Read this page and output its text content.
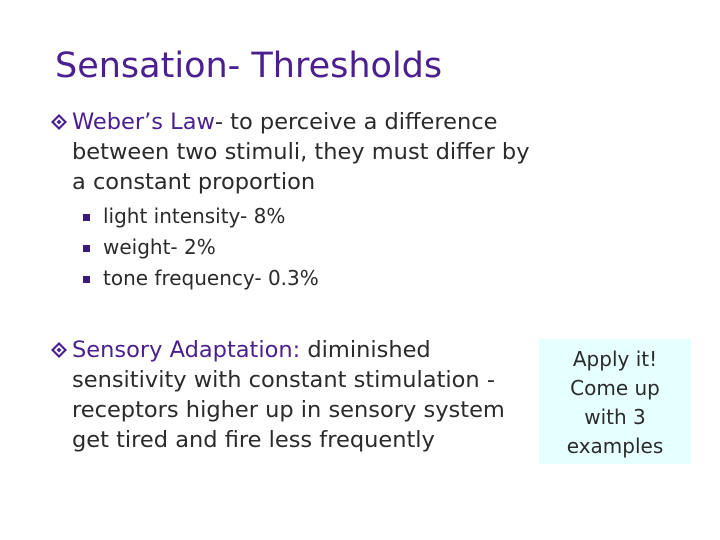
Sensation- Thresholds
Weber’s Law- to perceive a difference between two stimuli, they must differ by a constant proportion
light intensity- 8%
weight- 2%
tone frequency- 0.3%
Sensory Adaptation: diminished sensitivity with constant stimulation - receptors higher up in sensory system get tired and fire less frequently
Apply it!
Come up
with 3
examples
